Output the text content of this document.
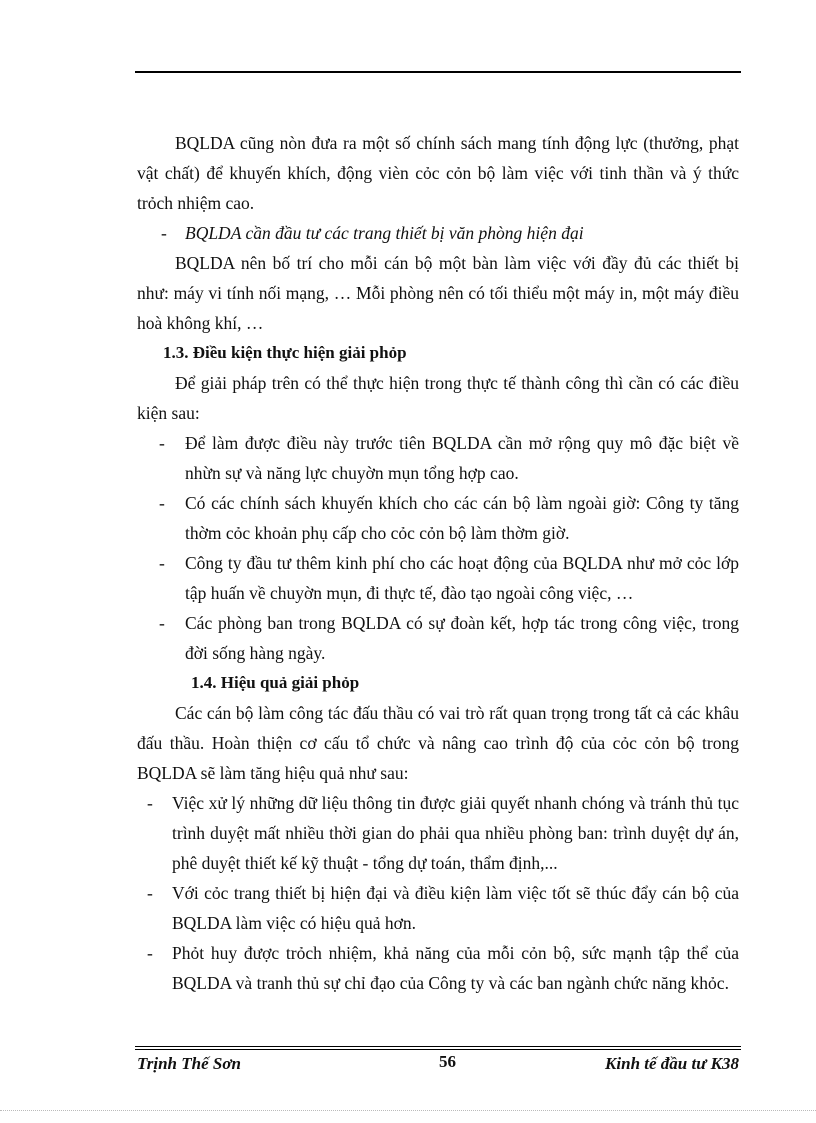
BQLDA cũng nòn đưa ra một số chính sách mang tính động lực (thưởng, phạt vật chất) để khuyến khích, động vièn cỏc cỏn bộ làm việc với tinh thần và ý thức trỏch nhiệm cao.

- BQLDA cần đầu tư các trang thiết bị văn phòng hiện đại

BQLDA nên bố trí cho mỗi cán bộ một bàn làm việc với đầy đủ các thiết bị như: máy vi tính nối mạng, … Mỗi phòng nên có tối thiểu một máy in, một máy điều hoà không khí, …

1.3. Điều kiện thực hiện giải phỏp

Để giải pháp trên có thể thực hiện trong thực tế thành công thì cần có các điều kiện sau:

- Để làm được điều này trước tiên BQLDA cần mở rộng quy mô đặc biệt về nhừn sự và năng lực chuyờn mụn tổng hợp cao.
- Có các chính sách khuyến khích cho các cán bộ làm ngoài giờ: Công ty tăng thờm cỏc khoản phụ cấp cho cỏc cỏn bộ làm thờm giờ.
- Công ty đầu tư thêm kinh phí cho các hoạt động của BQLDA như mở cỏc lớp tập huấn về chuyờn mụn, đi thực tế, đào tạo ngoài công việc, …
- Các phòng ban trong BQLDA có sự đoàn kết, hợp tác trong công việc, trong đời sống hàng ngày.

1.4. Hiệu quả giải phỏp

Các cán bộ làm công tác đấu thầu có vai trò rất quan trọng trong tất cả các khâu đấu thầu. Hoàn thiện cơ cấu tổ chức và nâng cao trình độ của cỏc cỏn bộ trong BQLDA sẽ làm tăng hiệu quả như sau:

- Việc xử lý những dữ liệu thông tin được giải quyết nhanh chóng và tránh thủ tục trình duyệt mất nhiều thời gian do phải qua nhiều phòng ban: trình duyệt dự án, phê duyệt thiết kế kỹ thuật - tổng dự toán, thẩm định,...
- Với cỏc trang thiết bị hiện đại và điều kiện làm việc tốt sẽ thúc đẩy cán bộ của BQLDA làm việc có hiệu quả hơn.
- Phỏt huy được trỏch nhiệm, khả năng của mỗi cỏn bộ, sức mạnh tập thể của BQLDA và tranh thủ sự chỉ đạo của Công ty và các ban ngành chức năng khỏc.
Trịnh Thế Sơn	56	Kinh tế đầu tư K38
